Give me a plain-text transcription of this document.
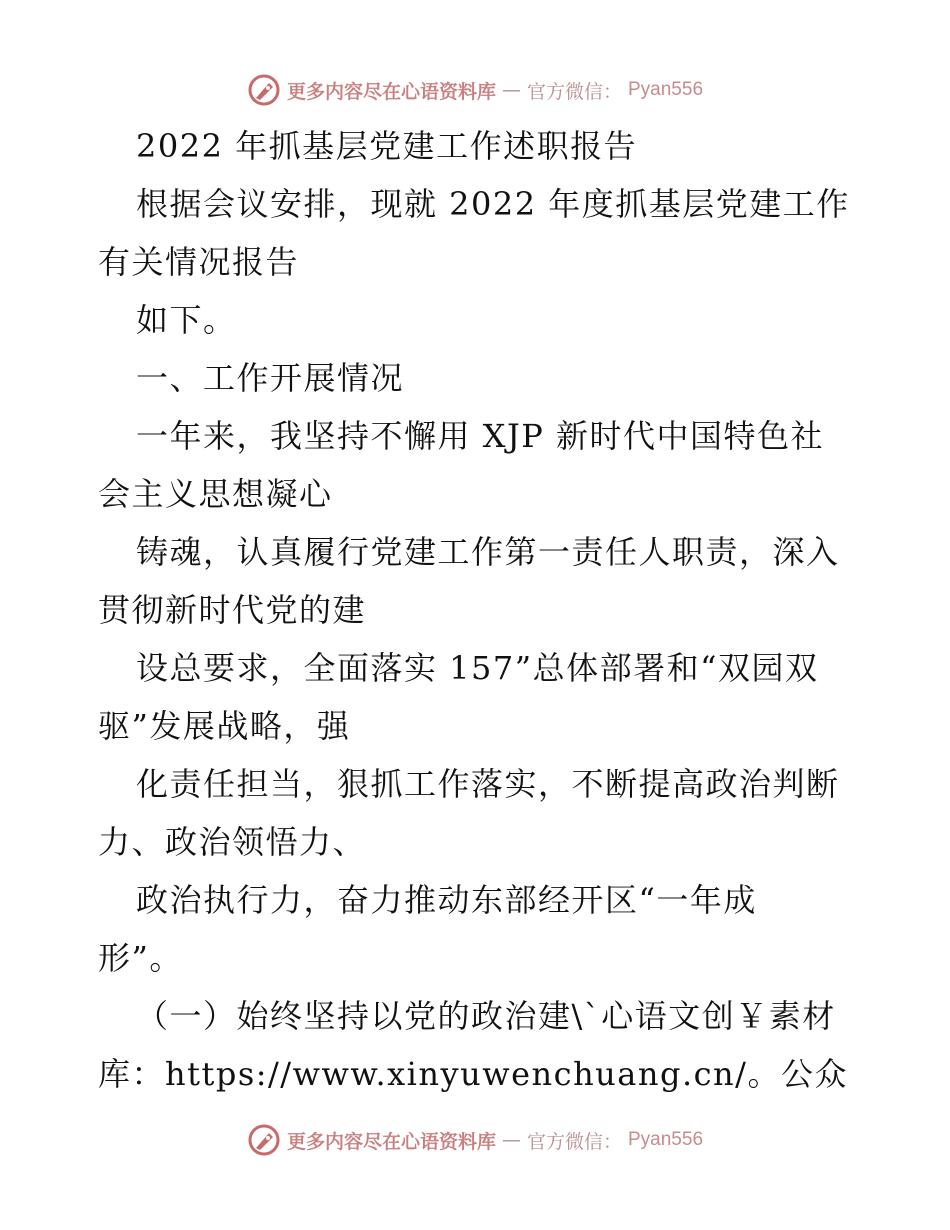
更多内容尽在心语资料库 — 官方微信： Pyan556
2022 年抓基层党建工作述职报告
根据会议安排，现就 2022 年度抓基层党建工作
有关情况报告
如下。
一、工作开展情况
一年来，我坚持不懈用 XJP 新时代中国特色社
会主义思想凝心
铸魂，认真履行党建工作第一责任人职责，深入
贯彻新时代党的建
设总要求，全面落实 157”总体部署和“双园双
驱”发展战略，强
化责任担当，狠抓工作落实，不断提高政治判断
力、政治领悟力、
政治执行力，奋力推动东部经开区“一年成
形”。
（一）始终坚持以党的政治建\`心语文创￥素材
库：https://www.xinyuwenchuang.cn/。公众
更多内容尽在心语资料库 — 官方微信： Pyan556
